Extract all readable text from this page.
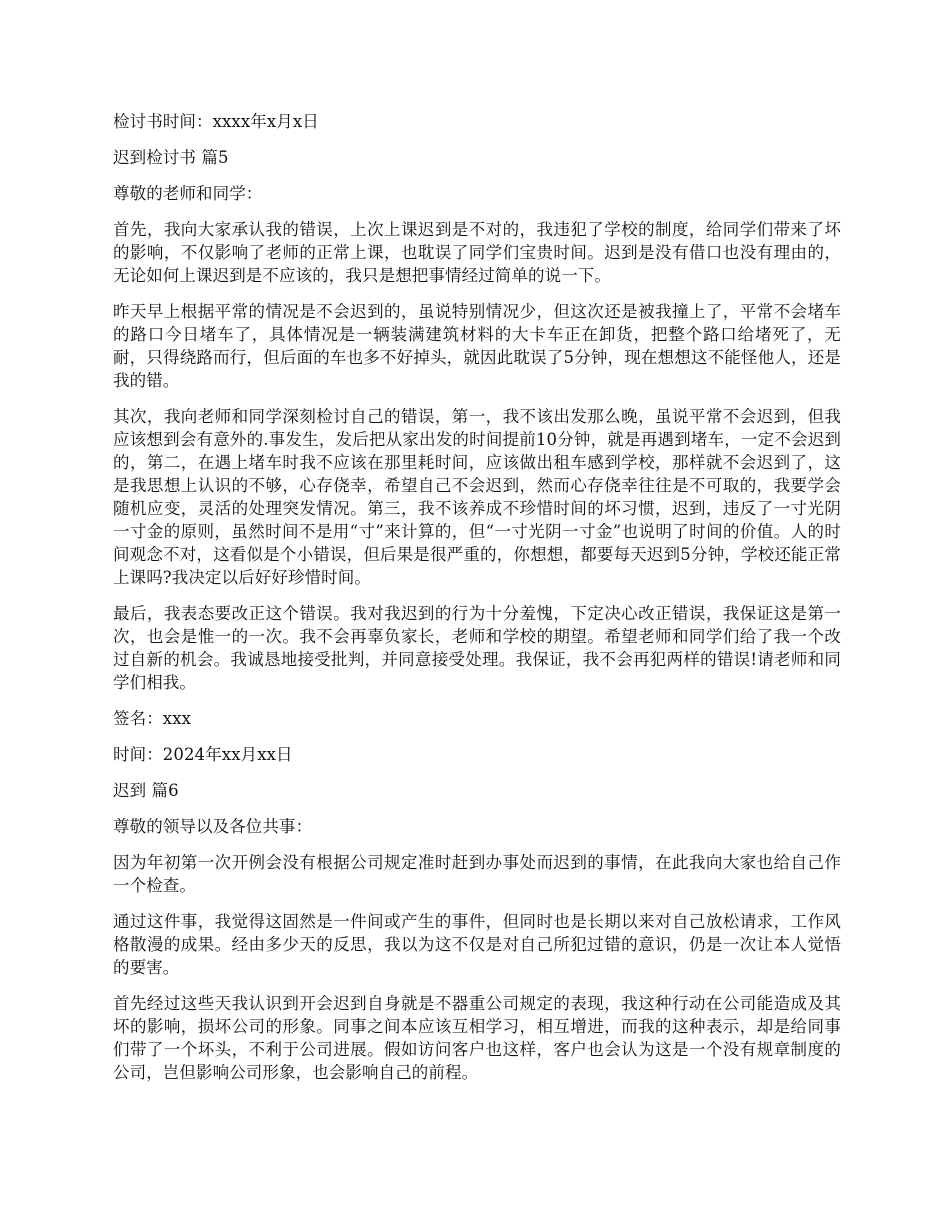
检讨书时间：xxxx年x月x日

迟到检讨书 篇5

尊敬的老师和同学：

首先，我向大家承认我的错误，上次上课迟到是不对的，我违犯了学校的制度，给同学们带来了坏的影响，不仅影响了老师的正常上课，也耽误了同学们宝贵时间。迟到是没有借口也没有理由的，无论如何上课迟到是不应该的，我只是想把事情经过简单的说一下。

昨天早上根据平常的情况是不会迟到的，虽说特别情况少，但这次还是被我撞上了，平常不会堵车的路口今日堵车了，具体情况是一辆装满建筑材料的大卡车正在卸货，把整个路口给堵死了，无耐，只得绕路而行，但后面的车也多不好掉头，就因此耽误了5分钟，现在想想这不能怪他人，还是我的错。

其次，我向老师和同学深刻检讨自己的错误，第一，我不该出发那么晚，虽说平常不会迟到，但我应该想到会有意外的.事发生，发后把从家出发的时间提前10分钟，就是再遇到堵车，一定不会迟到的，第二，在遇上堵车时我不应该在那里耗时间，应该做出租车感到学校，那样就不会迟到了，这是我思想上认识的不够，心存侥幸，希望自己不会迟到，然而心存侥幸往往是不可取的，我要学会随机应变，灵活的处理突发情况。第三，我不该养成不珍惜时间的坏习惯，迟到，违反了一寸光阴一寸金的原则，虽然时间不是用“寸”来计算的，但“一寸光阴一寸金”也说明了时间的价值。人的时间观念不对，这看似是个小错误，但后果是很严重的，你想想，都要每天迟到5分钟，学校还能正常上课吗?我决定以后好好珍惜时间。

最后，我表态要改正这个错误。我对我迟到的行为十分羞愧，下定决心改正错误，我保证这是第一次，也会是惟一的一次。我不会再辜负家长，老师和学校的期望。希望老师和同学们给了我一个改过自新的机会。我诚恳地接受批判，并同意接受处理。我保证，我不会再犯两样的错误!请老师和同学们相我。

签名：xxx

时间：2024年xx月xx日

迟到 篇6

尊敬的领导以及各位共事：

因为年初第一次开例会没有根据公司规定准时赶到办事处而迟到的事情，在此我向大家也给自己作一个检查。

通过这件事，我觉得这固然是一件间或产生的事件，但同时也是长期以来对自己放松请求，工作风格散漫的成果。经由多少天的反思，我以为这不仅是对自己所犯过错的意识，仍是一次让本人觉悟的要害。

首先经过这些天我认识到开会迟到自身就是不器重公司规定的表现，我这种行动在公司能造成及其坏的影响，损坏公司的形象。同事之间本应该互相学习，相互增进，而我的这种表示，却是给同事们带了一个坏头，不利于公司进展。假如访问客户也这样，客户也会认为这是一个没有规章制度的公司，岂但影响公司形象，也会影响自己的前程。
